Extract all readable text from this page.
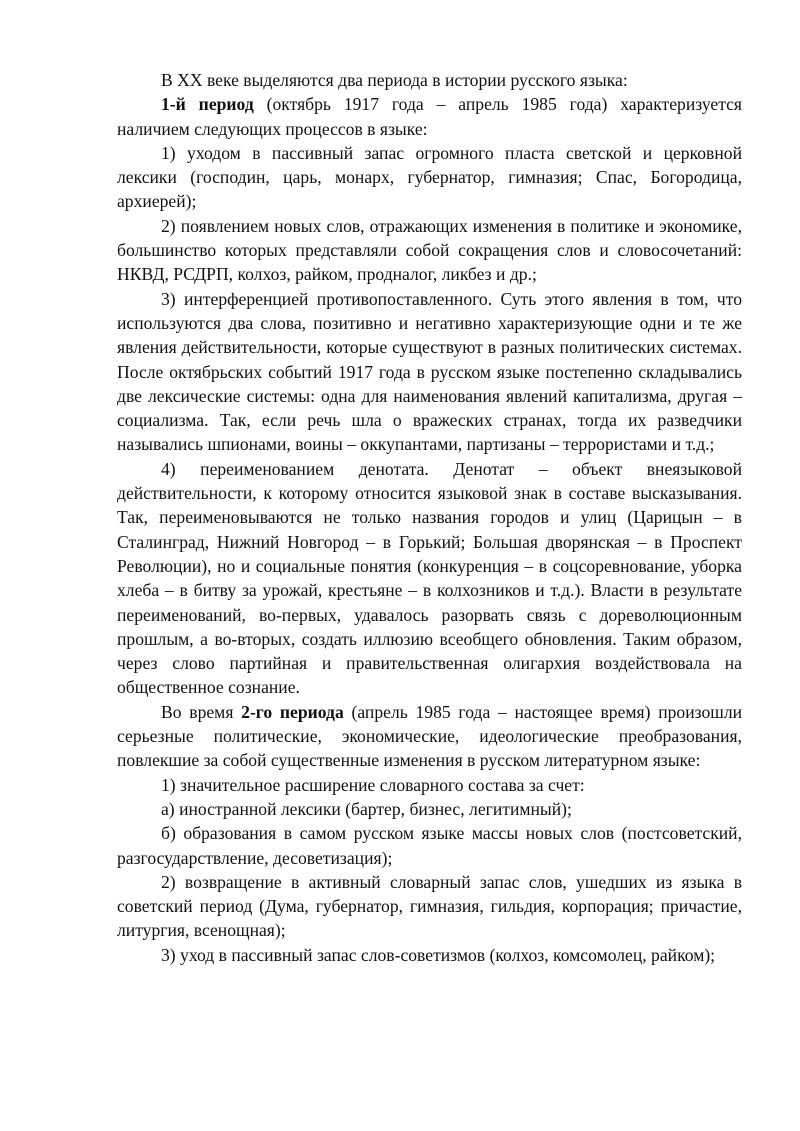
В XX веке выделяются два периода в истории русского языка:

1-й период (октябрь 1917 года – апрель 1985 года) характеризуется наличием следующих процессов в языке:

1) уходом в пассивный запас огромного пласта светской и церковной лексики (господин, царь, монарх, губернатор, гимназия; Спас, Богородица, архиерей);

2) появлением новых слов, отражающих изменения в политике и экономике, большинство которых представляли собой сокращения слов и словосочетаний: НКВД, РСДРП, колхоз, райком, продналог, ликбез и др.;

3) интерференцией противопоставленного. Суть этого явления в том, что используются два слова, позитивно и негативно характеризующие одни и те же явления действительности, которые существуют в разных политических системах. После октябрьских событий 1917 года в русском языке постепенно складывались две лексические системы: одна для наименования явлений капитализма, другая – социализма. Так, если речь шла о вражеских странах, тогда их разведчики назывались шпионами, воины – оккупантами, партизаны – террористами и т.д.;

4) переименованием денотата. Денотат – объект внеязыковой действительности, к которому относится языковой знак в составе высказывания. Так, переименовываются не только названия городов и улиц (Царицын – в Сталинград, Нижний Новгород – в Горький; Большая дворянская – в Проспект Революции), но и социальные понятия (конкуренция – в соцсоревнование, уборка хлеба – в битву за урожай, крестьяне – в колхозников и т.д.). Власти в результате переименований, во-первых, удавалось разорвать связь с дореволюционным прошлым, а во-вторых, создать иллюзию всеобщего обновления. Таким образом, через слово партийная и правительственная олигархия воздействовала на общественное сознание.

Во время 2-го периода (апрель 1985 года – настоящее время) произошли серьезные политические, экономические, идеологические преобразования, повлекшие за собой существенные изменения в русском литературном языке:

1) значительное расширение словарного состава за счет:

а) иностранной лексики (бартер, бизнес, легитимный);

б) образования в самом русском языке массы новых слов (постсоветский, разгосударствление, десоветизация);

2) возвращение в активный словарный запас слов, ушедших из языка в советский период (Дума, губернатор, гимназия, гильдия, корпорация; причастие, литургия, всенощная);

3) уход в пассивный запас слов-советизмов (колхоз, комсомолец, райком);
